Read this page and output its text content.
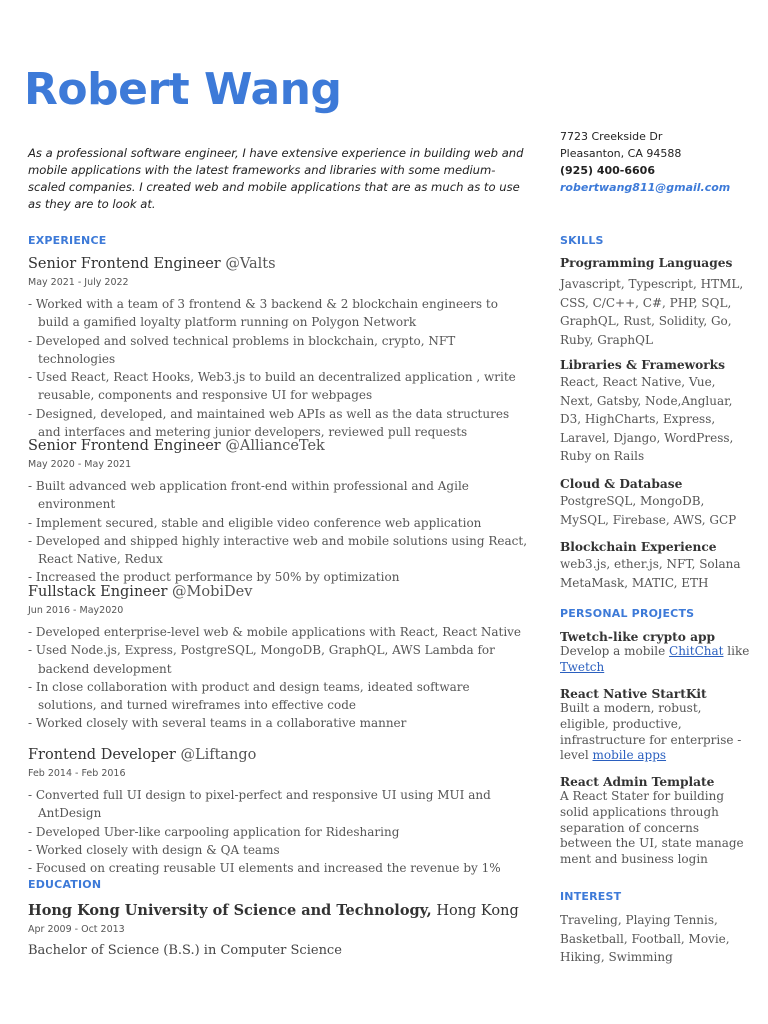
Robert Wang

As a professional software engineer, I have extensive experience in building web and mobile applications with the latest frameworks and libraries with some medium-scaled companies. I created web and mobile applications that are as much as to use as they are to look at.

7723 Creekside Dr
Pleasanton, CA 94588
(925) 400-6606
robertwang811@gmail.com
EXPERIENCE
Senior Frontend Engineer @Valts
May 2021 - July 2022
- Worked with a team of 3 frontend & 3 backend & 2 blockchain engineers to build a gamified loyalty platform running on Polygon Network
- Developed and solved technical problems in blockchain, crypto, NFT technologies
- Used React, React Hooks, Web3.js to build an decentralized application , write reusable, components and responsive UI for webpages
- Designed, developed, and maintained web APIs as well as the data structures and interfaces and metering junior developers, reviewed pull requests
Senior Frontend Engineer @AllianceTek
May 2020 - May 2021
- Built advanced web application front-end within professional and Agile environment
- Implement secured, stable and eligible video conference web application
- Developed and shipped highly interactive web and mobile solutions using React, React Native, Redux
- Increased the product performance by 50% by optimization
Fullstack Engineer @MobiDev
Jun 2016 - May2020
- Developed enterprise-level web & mobile applications with React, React Native
- Used Node.js, Express, PostgreSQL, MongoDB, GraphQL, AWS Lambda for backend development
- In close collaboration with product and design teams, ideated software solutions, and turned wireframes into effective code
- Worked closely with several teams in a collaborative manner
Frontend Developer @Liftango
Feb 2014 - Feb 2016
- Converted full UI design to pixel-perfect and responsive UI using MUI and AntDesign
- Developed Uber-like carpooling application for Ridesharing
- Worked closely with design & QA teams
- Focused on creating reusable UI elements and increased the revenue by 1%
EDUCATION
Hong Kong University of Science and Technology, Hong Kong
Apr 2009 - Oct 2013
Bachelor of Science (B.S.) in Computer Science
SKILLS
Programming Languages
Javascript, Typescript, HTML, CSS, C/C++, C#, PHP, SQL, GraphQL, Rust, Solidity, Go, Ruby, GraphQL
Libraries & Frameworks
React, React Native, Vue, Next, Gatsby, Node,Angluar, D3, HighCharts, Express, Laravel, Django, WordPress, Ruby on Rails
Cloud & Database
PostgreSQL, MongoDB, MySQL, Firebase, AWS, GCP
Blockchain Experience
web3.js, ether.js, NFT, Solana MetaMask, MATIC, ETH
PERSONAL PROJECTS
Twetch-like crypto app
Develop a mobile ChitChat like Twetch
React Native StartKit
Built a modern, robust, eligible, productive, infrastructure for enterprise -level mobile apps
React Admin Template
A React Stater for building solid applications through separation of concerns between the UI, state manage ment and business login
INTEREST
Traveling, Playing Tennis, Basketball, Football, Movie, Hiking, Swimming
